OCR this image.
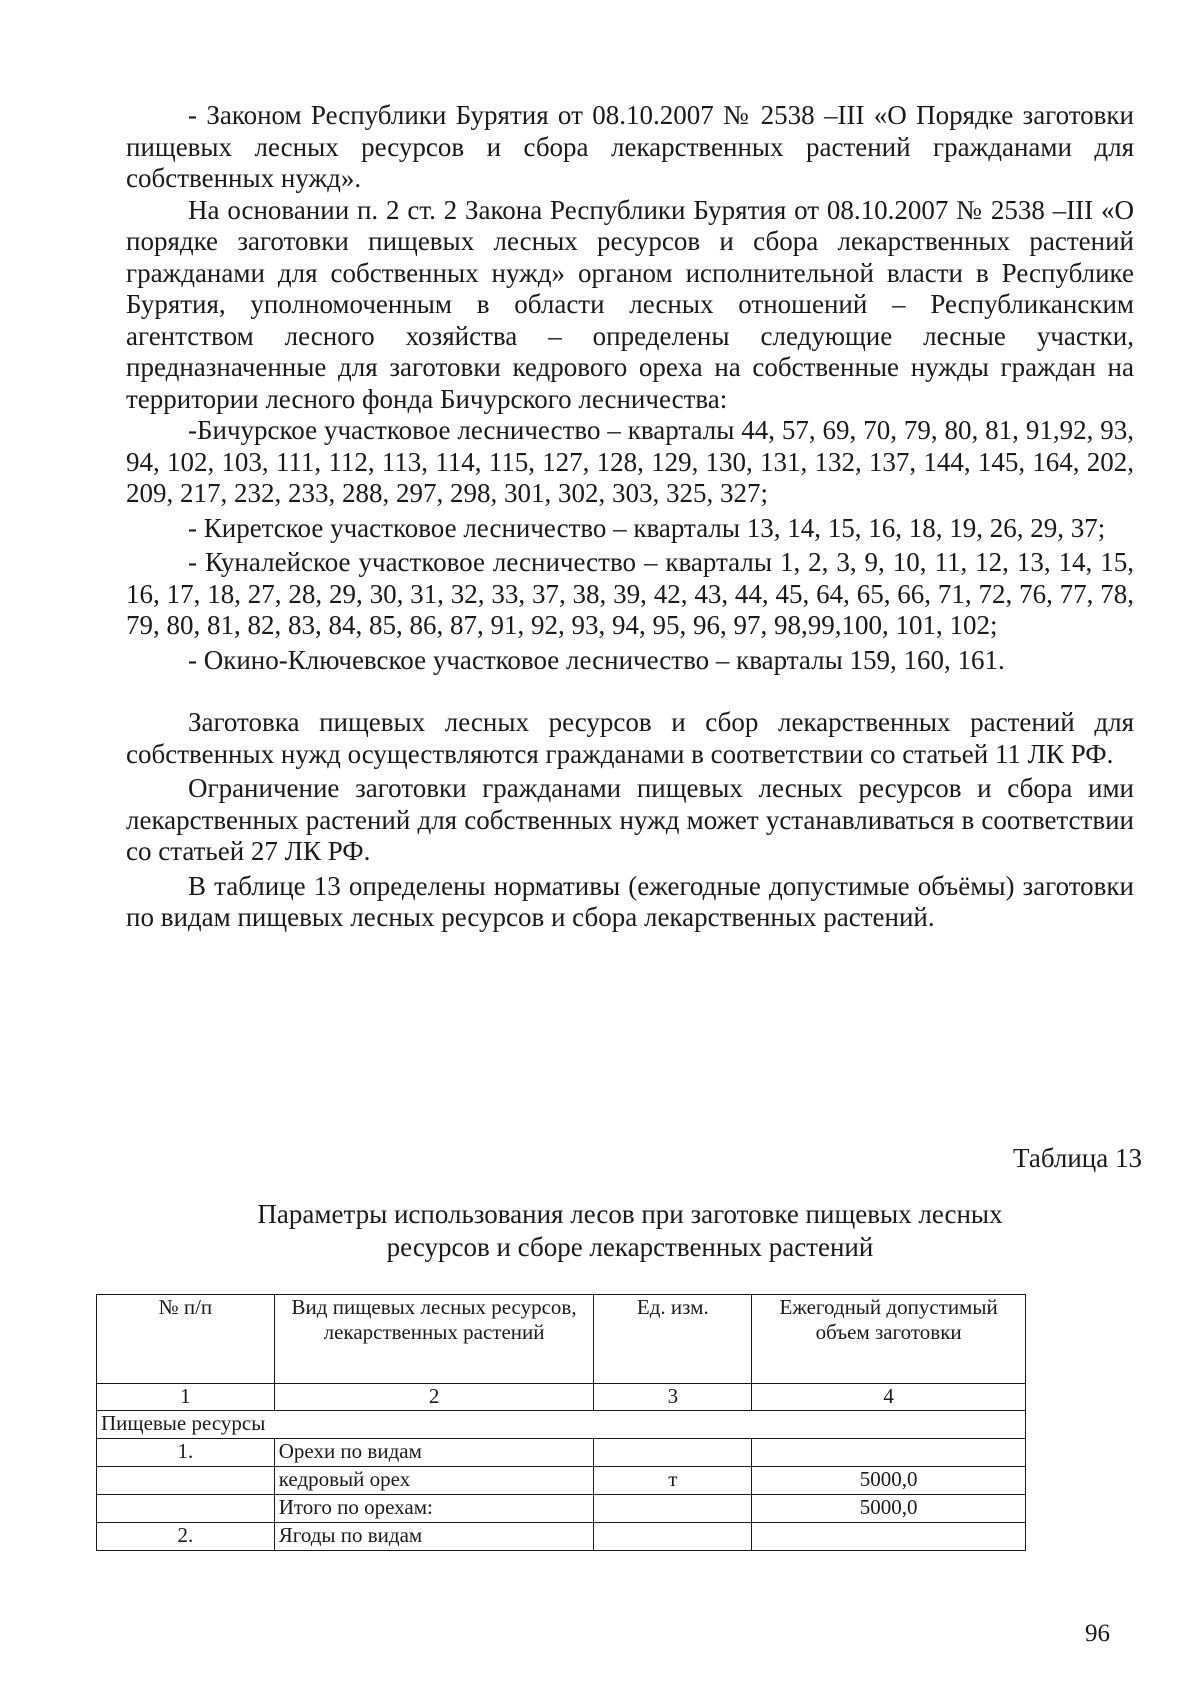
- Законом Республики Бурятия от 08.10.2007 № 2538 –III «О Порядке заготовки пищевых лесных ресурсов и сбора лекарственных растений гражданами для собственных нужд».

На основании п. 2 ст. 2 Закона Республики Бурятия от 08.10.2007 № 2538 –III «О порядке заготовки пищевых лесных ресурсов и сбора лекарственных растений гражданами для собственных нужд» органом исполнительной власти в Республике Бурятия, уполномоченным в области лесных отношений – Республиканским агентством лесного хозяйства – определены следующие лесные участки, предназначенные для заготовки кедрового ореха на собственные нужды граждан на территории лесного фонда Бичурского лесничества:

-Бичурское участковое лесничество – кварталы 44, 57, 69, 70, 79, 80, 81, 91,92, 93, 94, 102, 103, 111, 112, 113, 114, 115, 127, 128, 129, 130, 131, 132, 137, 144, 145, 164, 202, 209, 217, 232, 233, 288, 297, 298, 301, 302, 303, 325, 327;

- Киретское участковое лесничество – кварталы 13, 14, 15, 16, 18, 19, 26, 29, 37;

- Куналейское участковое лесничество – кварталы 1, 2, 3, 9, 10, 11, 12, 13, 14, 15, 16, 17, 18, 27, 28, 29, 30, 31, 32, 33, 37, 38, 39, 42, 43, 44, 45, 64, 65, 66, 71, 72, 76, 77, 78, 79, 80, 81, 82, 83, 84, 85, 86, 87, 91, 92, 93, 94, 95, 96, 97, 98,99,100, 101, 102;

- Окино-Ключевское участковое лесничество – кварталы 159, 160, 161.

Заготовка пищевых лесных ресурсов и сбор лекарственных растений для собственных нужд осуществляются гражданами в соответствии со статьей 11 ЛК РФ.

Ограничение заготовки гражданами пищевых лесных ресурсов и сбора ими лекарственных растений для собственных нужд может устанавливаться в соответствии со статьей 27 ЛК РФ.

В таблице 13 определены нормативы (ежегодные допустимые объёмы) заготовки по видам пищевых лесных ресурсов и сбора лекарственных растений.

Таблица 13
Параметры использования лесов при заготовке пищевых лесных
ресурсов и сборе лекарственных растений
№ п/п	Вид пищевых лесных ресурсов, лекарственных растений	Ед. изм.	Ежегодный допустимый объем заготовки
1	2	3	4
Пищевые ресурсы			
1.	Орехи по видам		
	кедровый орех	т	5000,0
	Итого по орехам:		5000,0
2.	Ягоды по видам		
96
